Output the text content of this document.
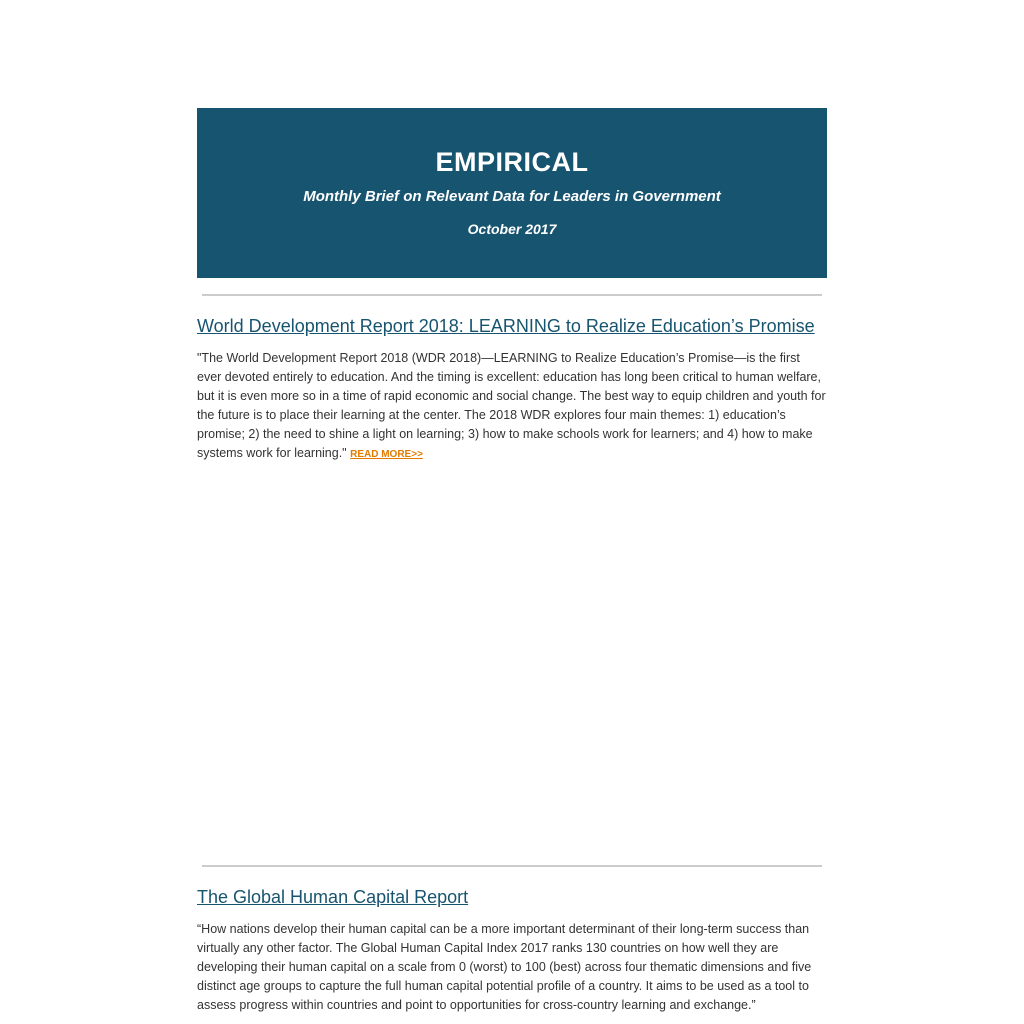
EMPIRICAL
Monthly Brief on Relevant Data for Leaders in Government
October 2017
World Development Report 2018: LEARNING to Realize Education’s Promise
"The World Development Report 2018 (WDR 2018)—LEARNING to Realize Education’s Promise—is the first ever devoted entirely to education. And the timing is excellent: education has long been critical to human welfare, but it is even more so in a time of rapid economic and social change. The best way to equip children and youth for the future is to place their learning at the center. The 2018 WDR explores four main themes: 1) education’s promise; 2) the need to shine a light on learning; 3) how to make schools work for learners; and 4) how to make systems work for learning." READ MORE>>
The Global Human Capital Report
“How nations develop their human capital can be a more important determinant of their long-term success than virtually any other factor. The Global Human Capital Index 2017 ranks 130 countries on how well they are developing their human capital on a scale from 0 (worst) to 100 (best) across four thematic dimensions and five distinct age groups to capture the full human capital potential profile of a country. It aims to be used as a tool to assess progress within countries and point to opportunities for cross-country learning and exchange.”
